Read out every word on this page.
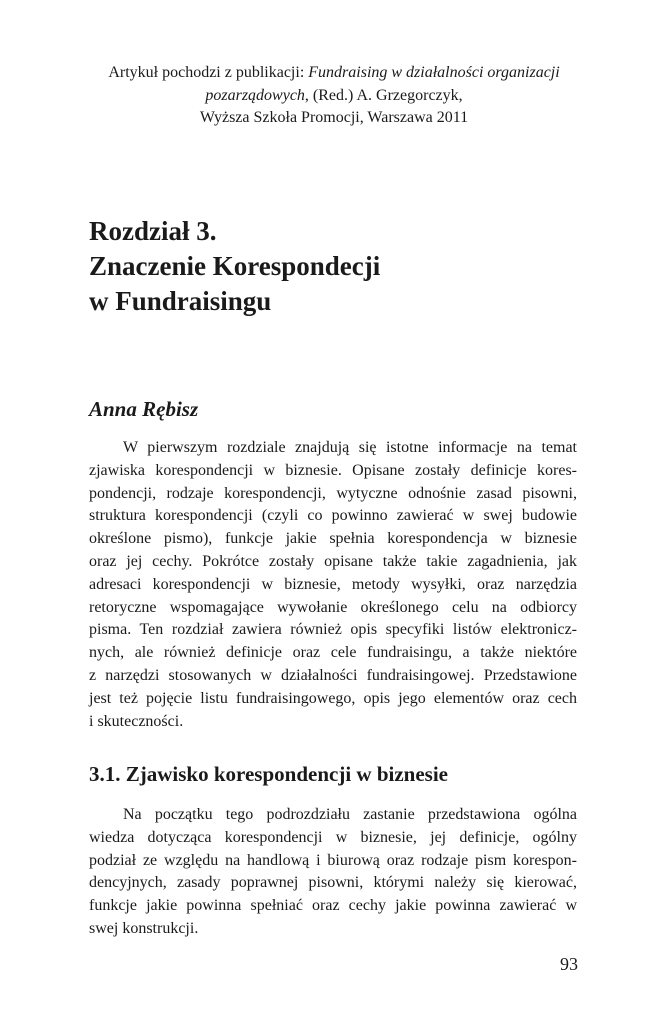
Artykuł pochodzi z publikacji: Fundraising w działalności organizacji
pozarządowych, (Red.) A. Grzegorczyk,
Wyższa Szkoła Promocji, Warszawa 2011
Rozdział 3.
Znaczenie Korespondecji
w Fundraisingu
Anna Rębisz

W pierwszym rozdziale znajdują się istotne informacje na temat
zjawiska korespondencji w biznesie. Opisane zostały definicje kores-
pondencji, rodzaje korespondencji, wytyczne odnośnie zasad pisowni,
struktura korespondencji (czyli co powinno zawierać w swej budowie
określone pismo), funkcje jakie spełnia korespondencja w biznesie
oraz jej cechy. Pokrótce zostały opisane także takie zagadnienia, jak
adresaci korespondencji w biznesie, metody wysyłki, oraz narzędzia
retoryczne wspomagające wywołanie określonego celu na odbiorcy
pisma. Ten rozdział zawiera również opis specyfiki listów elektronicz-
nych, ale również definicje oraz cele fundraisingu, a także niektóre
z narzędzi stosowanych w działalności fundraisingowej. Przedstawione
jest też pojęcie listu fundraisingowego, opis jego elementów oraz cech
i skuteczności.

3.1. Zjawisko korespondencji w biznesie

Na początku tego podrozdziału zastanie przedstawiona ogólna
wiedza dotycząca korespondencji w biznesie, jej definicje, ogólny
podział ze względu na handlową i biurową oraz rodzaje pism korespon-
dencyjnych, zasady poprawnej pisowni, którymi należy się kierować,
funkcje jakie powinna spełniać oraz cechy jakie powinna zawierać w
swej konstrukcji.

93
